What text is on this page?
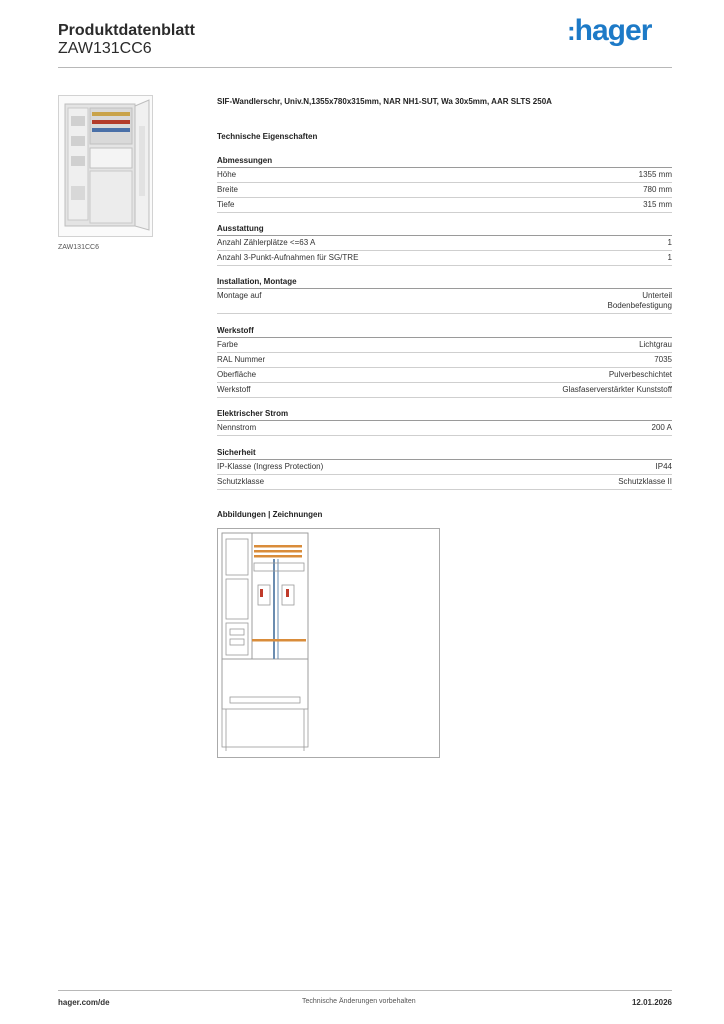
Produktdatenblatt
ZAW131CC6
:hager
ZAW131CC6
SIF-Wandlerschr, Univ.N,1355x780x315mm, NAR NH1-SUT, Wa 30x5mm, AAR SLTS 250A
Technische Eigenschaften
Abmessungen
Höhe	1355 mm
Breite	780 mm
Tiefe	315 mm
Ausstattung
Anzahl Zählerplätze <=63 A	1
Anzahl 3-Punkt-Aufnahmen für SG/TRE	1
Installation, Montage
Montage auf	Unterteil
Bodenbefestigung
Werkstoff
Farbe	Lichtgrau
RAL Nummer	7035
Oberfläche	Pulverbeschichtet
Werkstoff	Glasfaserverstärkter Kunststoff
Elektrischer Strom
Nennstrom	200 A
Sicherheit
IP-Klasse (Ingress Protection)	IP44
Schutzklasse	Schutzklasse II
Abbildungen | Zeichnungen
hager.com/de	Technische Änderungen vorbehalten	12.01.2026
